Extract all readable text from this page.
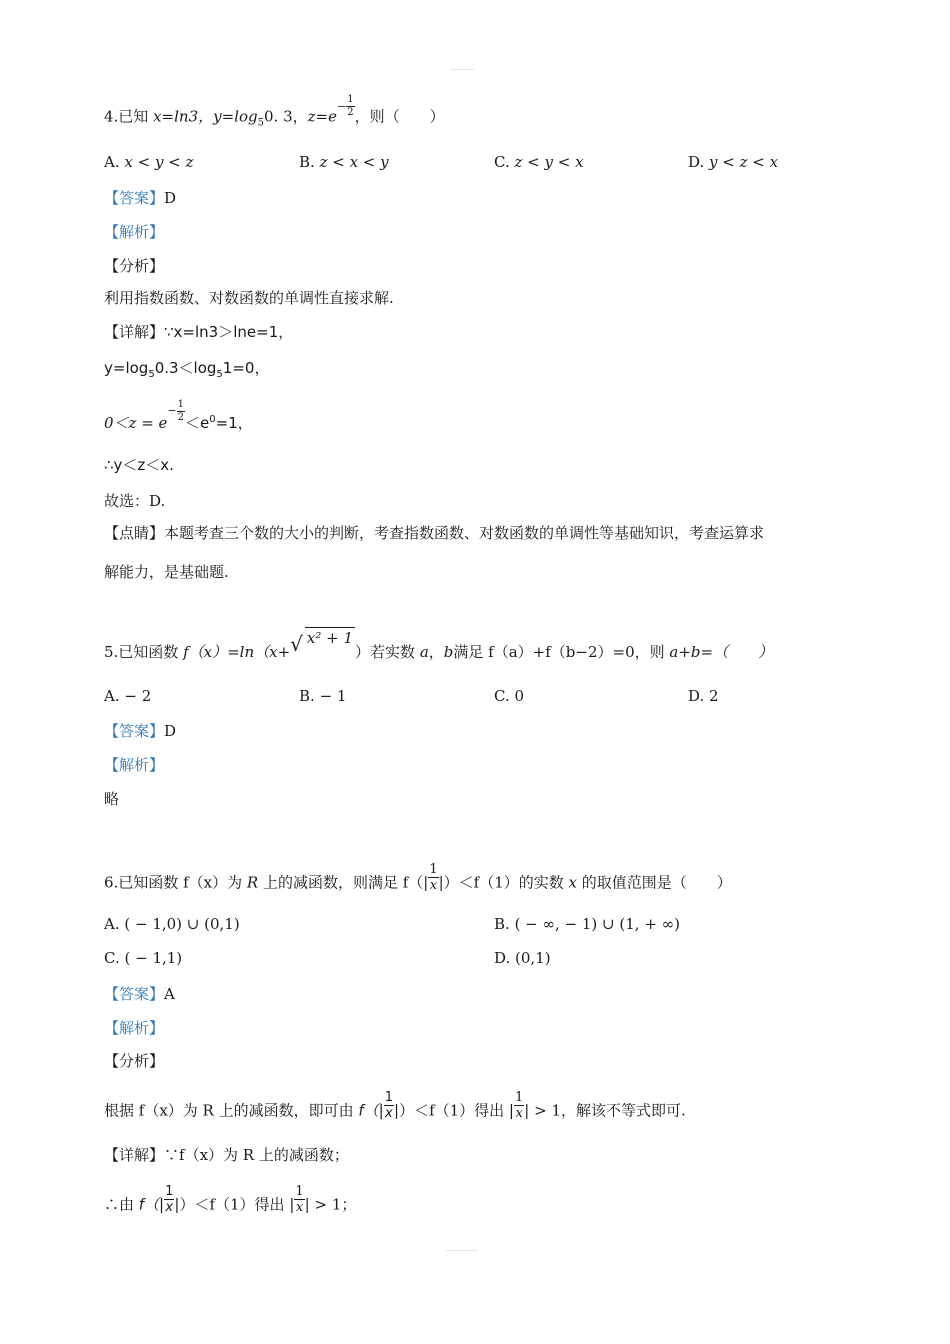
4.已知 x=ln3，$y=\log_50$. 3，$z=e^{- \frac{1}{2}}$ ，则（　　）
A. x < y < z	B. z < x < y	C. z < y < x	D. y < z < x
【答案】D
【解析】
【分析】
利用指数函数、对数函数的单调性直接求解.
【详解】∵x=ln3＞lne=1，
$y=\log_50.3<\log_51=0$，
$0<z = e^{- \frac{1}{2}} <e^0=1$，
∴y＜z＜x.
故选：D.
【点睛】本题考查三个数的大小的判断，考查指数函数、对数函数的单调性等基础知识，考查运算求
解能力，是基础题.
5.已知函数 f（x）=ln（x+√ x² + 1）若实数 a，b满足 f（a）+f（b−2）=0，则 a+b=（　　）
A. − 2	B. − 1	C. 0	D. 2
【答案】D
【解析】
略
6.已知函数 f（x）为 R 上的减函数，则满足 $f(| \frac{1}{x} |)<f(1)$的实数 x 的取值范围是（　　）
A. ( − 1,0) ∪ (0,1)	B. ( − ∞, − 1) ∪ (1, + ∞)
C. ( − 1,1)	D. (0,1)
【答案】A
【解析】
【分析】
根据 f（x）为 R 上的减函数，即可由 $f(| \frac{1}{x} |)<f(1)$得出 | $\frac{1}{x}$ | > 1，解该不等式即可.
【详解】∵f（x）为 R 上的减函数；
∴由 $f(| \frac{1}{x} |)<f(1)$得出 | $\frac{1}{x}$ | > 1；
